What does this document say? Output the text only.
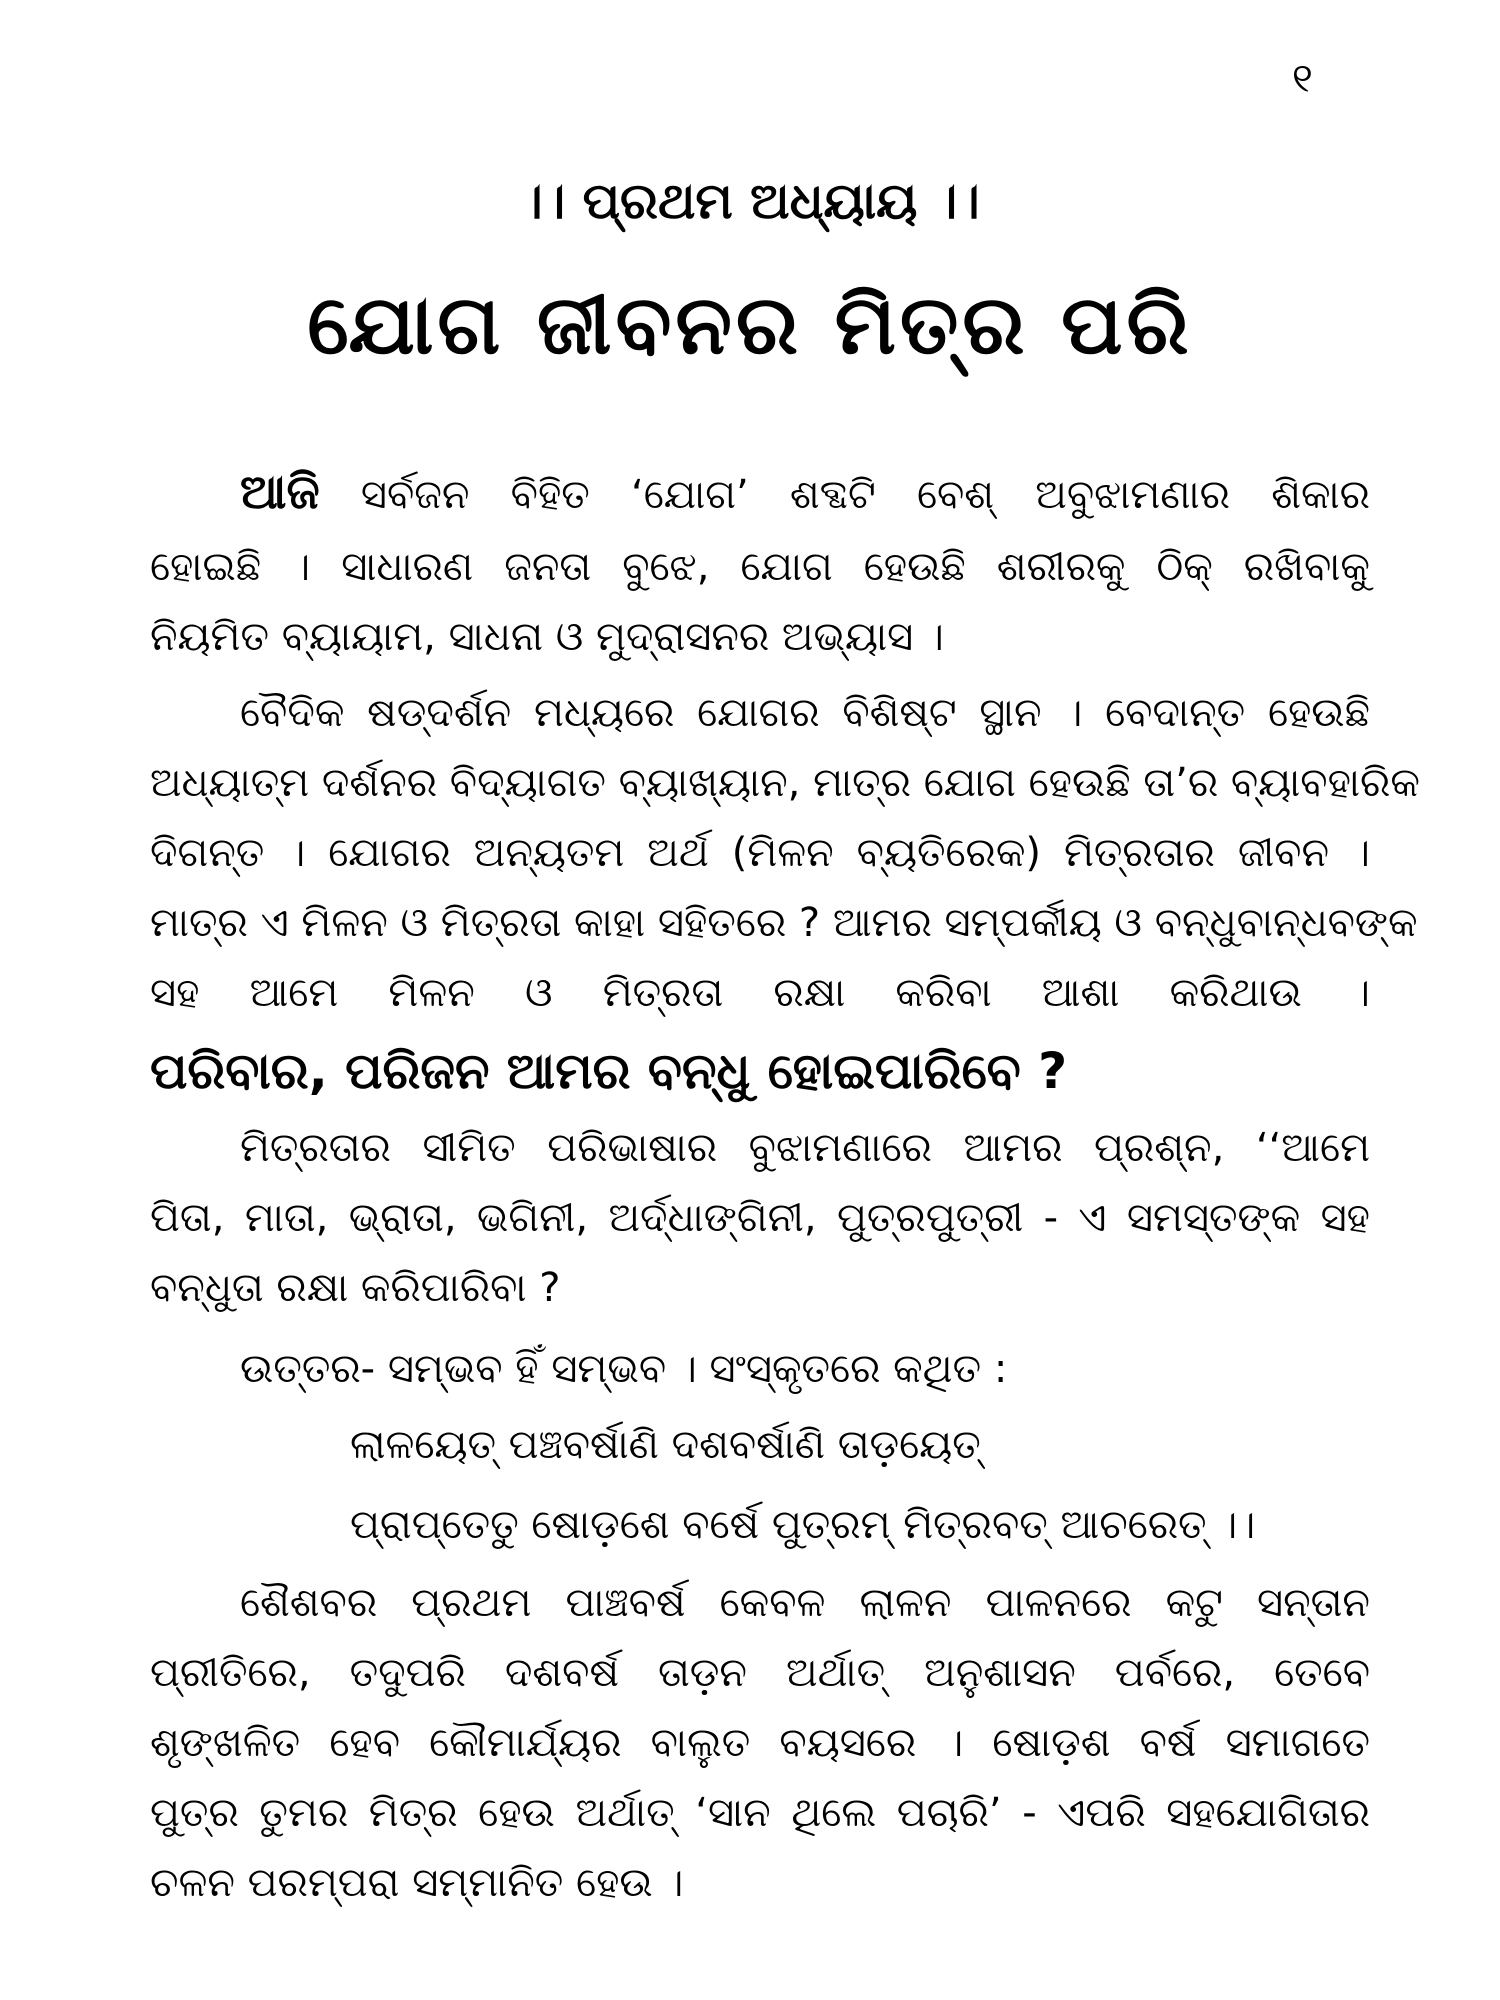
୧
।। ପ୍ରଥମ ଅଧ୍ୟାୟ ।।
ଯୋଗ ଜୀବନର ମିତ୍ର ପରି
ଆଜି ସର୍ବଜନ ବିହିତ ‘ଯୋଗ’ ଶବ୍ଦଟି ବେଶ୍ ଅବୁଝାମଣାର ଶିକାର
ହୋଇଛି । ସାଧାରଣ ଜନତା ବୁଝେ, ଯୋଗ ହେଉଛି ଶରୀରକୁ ଠିକ୍ ରଖିବାକୁ
ନିୟମିତ ବ୍ୟାୟାମ, ସାଧନା ଓ ମୁଦ୍ରାସନର ଅଭ୍ୟାସ ।
ବୈଦିକ ଷଡ୍ଦର୍ଶନ ମଧ୍ୟରେ ଯୋଗର ବିଶିଷ୍ଟ ସ୍ଥାନ । ବେଦାନ୍ତ ହେଉଛି
ଅଧ୍ୟାତ୍ମ ଦର୍ଶନର ବିଦ୍ୟାଗତ ବ୍ୟାଖ୍ୟାନ, ମାତ୍ର ଯୋଗ ହେଉଛି ତା’ର ବ୍ୟାବହାରିକ
ଦିଗନ୍ତ । ଯୋଗର ଅନ୍ୟତମ ଅର୍ଥ (ମିଳନ ବ୍ୟତିରେକ) ମିତ୍ରତାର ଜୀବନ ।
ମାତ୍ର ଏ ମିଳନ ଓ ମିତ୍ରତା କାହା ସହିତରେ ? ଆମର ସମ୍ପର୍କୀୟ ଓ ବନ୍ଧୁବାନ୍ଧବଙ୍କ
ସହ ଆମେ ମିଳନ ଓ ମିତ୍ରତା ରକ୍ଷା କରିବା ଆଶା କରିଥାଉ ।
ପରିବାର, ପରିଜନ ଆମର ବନ୍ଧୁ ହୋଇପାରିବେ ?
ମିତ୍ରତାର ସୀମିତ ପରିଭାଷାର ବୁଝାମଣାରେ ଆମର ପ୍ରଶ୍ନ, ‘‘ଆମେ
ପିତା, ମାତା, ଭ୍ରାତା, ଭଗିନୀ, ଅର୍ଦ୍ଧାଙ୍ଗିନୀ, ପୁତ୍ରପୁତ୍ରୀ - ଏ ସମସ୍ତଙ୍କ ସହ
ବନ୍ଧୁତା ରକ୍ଷା କରିପାରିବା ?
ଉତ୍ତର- ସମ୍ଭବ ହିଁ ସମ୍ଭବ । ସଂସ୍କୃତରେ କଥିତ :
ଲାଳୟେତ୍ ପଞ୍ଚବର୍ଷାଣି ଦଶବର୍ଷାଣି ତାଡ଼ୟେତ୍
ପ୍ରାପ୍ତେତୁ ଷୋଡ଼ଶେ ବର୍ଷେ ପୁତ୍ରମ୍ ମିତ୍ରବତ୍ ଆଚରେତ୍ ।।
ଶୈଶବର ପ୍ରଥମ ପାଞ୍ଚବର୍ଷ କେବଳ ଲାଳନ ପାଳନରେ କଟୁ ସନ୍ତାନ
ପ୍ରୀତିରେ, ତଦୁପରି ଦଶବର୍ଷ ତାଡ଼ନ ଅର୍ଥାତ୍ ଅନୁଶାସନ ପର୍ବରେ, ତେବେ
ଶୃଙ୍ଖଳିତ ହେବ କୌମାର୍ଯ୍ୟର ବାଲୁତ ବୟସରେ । ଷୋଡ଼ଶ ବର୍ଷ ସମାଗତେ
ପୁତ୍ର ତୁମର ମିତ୍ର ହେଉ ଅର୍ଥାତ୍ ‘ସାନ ଥିଲେ ପଚାରି’ - ଏପରି ସହଯୋଗିତାର
ଚଳନ ପରମ୍ପରା ସମ୍ମାନିତ ହେଉ ।
